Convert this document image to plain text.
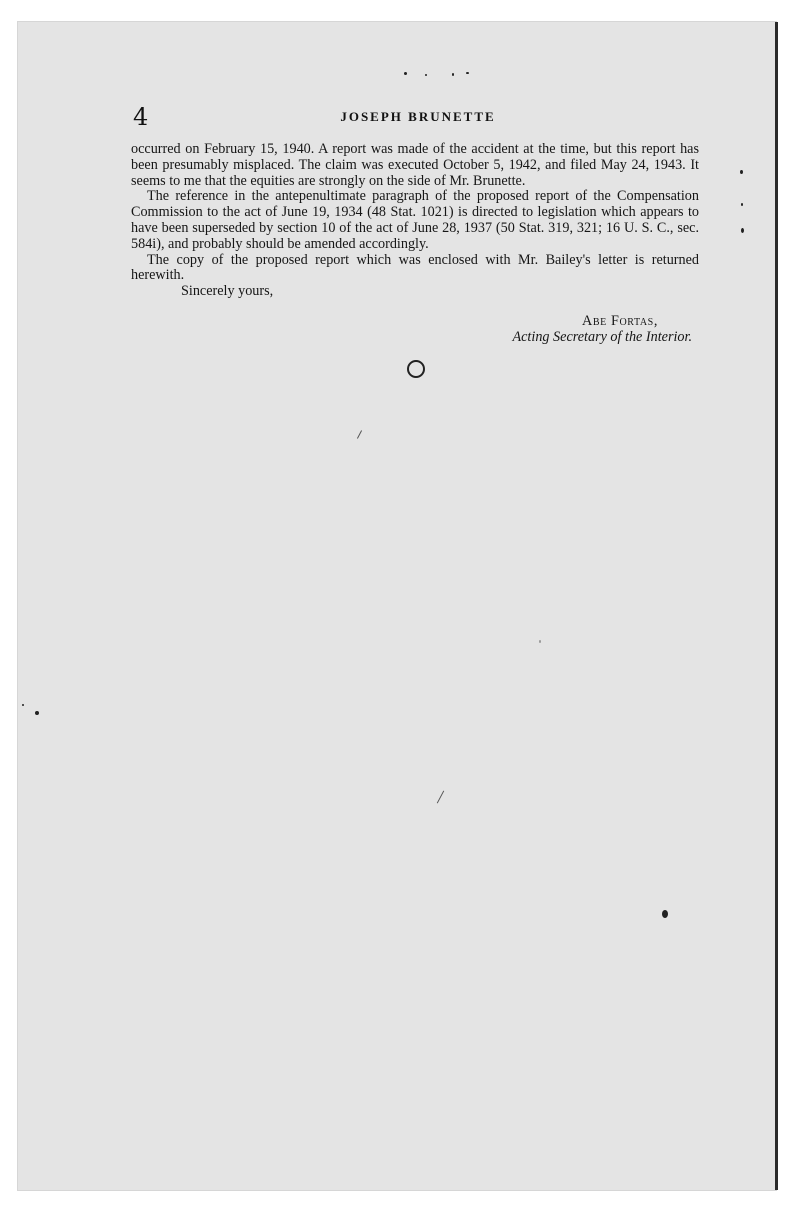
4	JOSEPH BRUNETTE

occurred on February 15, 1940. A report was made of the accident at the time, but this report has been presumably misplaced. The claim was executed October 5, 1942, and filed May 24, 1943. It seems to me that the equities are strongly on the side of Mr. Brunette.

The reference in the antepenultimate paragraph of the proposed report of the Compensation Commission to the act of June 19, 1934 (48 Stat. 1021) is directed to legislation which appears to have been superseded by section 10 of the act of June 28, 1937 (50 Stat. 319, 321; 16 U. S. C., sec. 584i), and probably should be amended accordingly.

The copy of the proposed report which was enclosed with Mr. Bailey's letter is returned herewith.

Sincerely yours,

Abe Fortas,
Acting Secretary of the Interior.
